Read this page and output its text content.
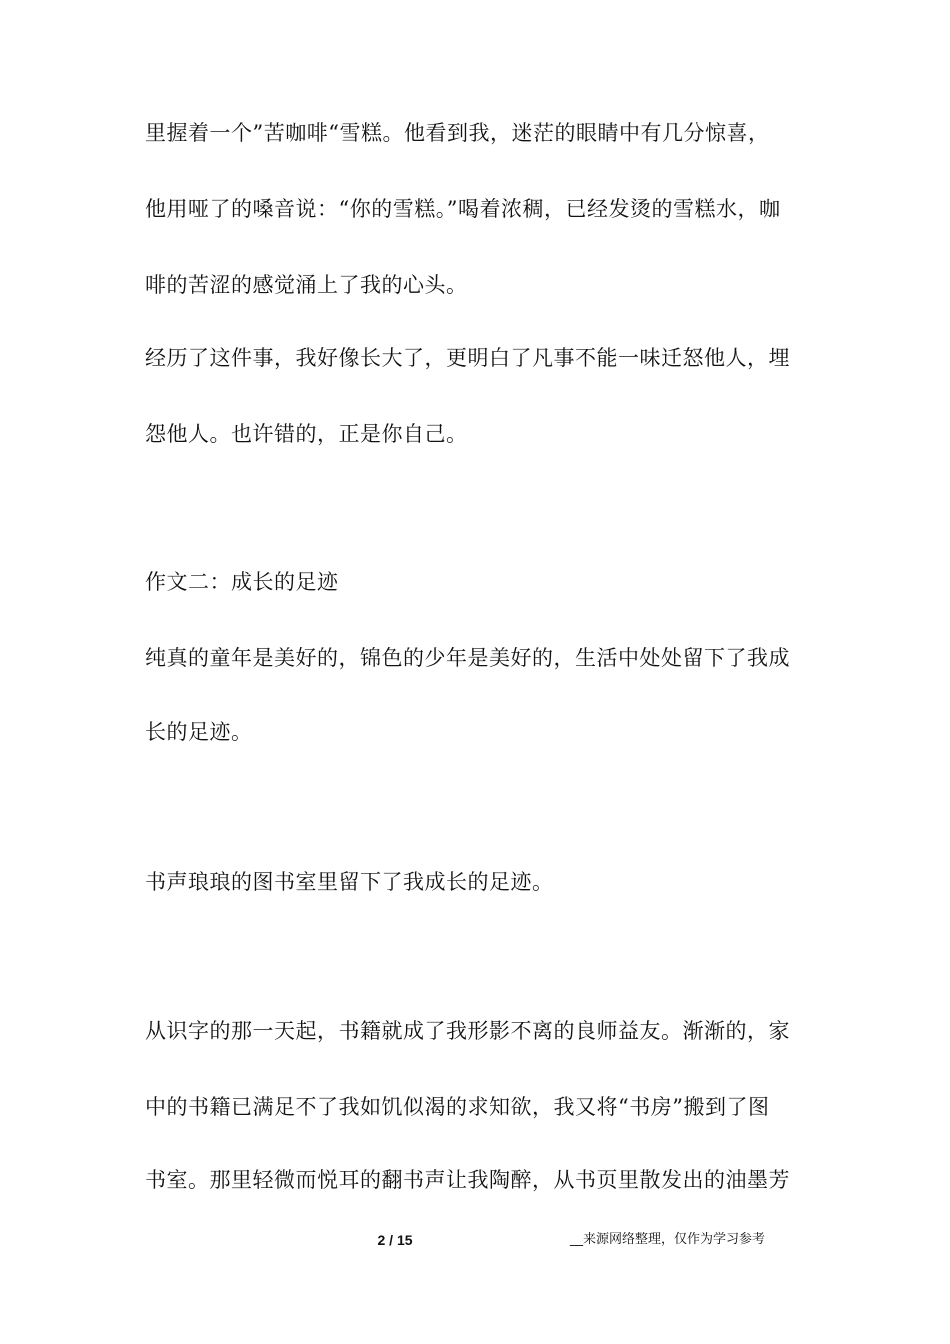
里握着一个”苦咖啡“雪糕。他看到我，迷茫的眼睛中有几分惊喜，
他用哑了的嗓音说：“你的雪糕。”喝着浓稠，已经发烫的雪糕水，咖
啡的苦涩的感觉涌上了我的心头。
经历了这件事，我好像长大了，更明白了凡事不能一味迁怒他人，埋
怨他人。也许错的，正是你自己。
作文二：成长的足迹
纯真的童年是美好的，锦色的少年是美好的，生活中处处留下了我成
长的足迹。
书声琅琅的图书室里留下了我成长的足迹。
从识字的那一天起，书籍就成了我形影不离的良师益友。渐渐的，家
中的书籍已满足不了我如饥似渴的求知欲，我又将“书房”搬到了图
书室。那里轻微而悦耳的翻书声让我陶醉，从书页里散发出的油墨芳
2 / 15	__来源网络整理，仅作为学习参考
